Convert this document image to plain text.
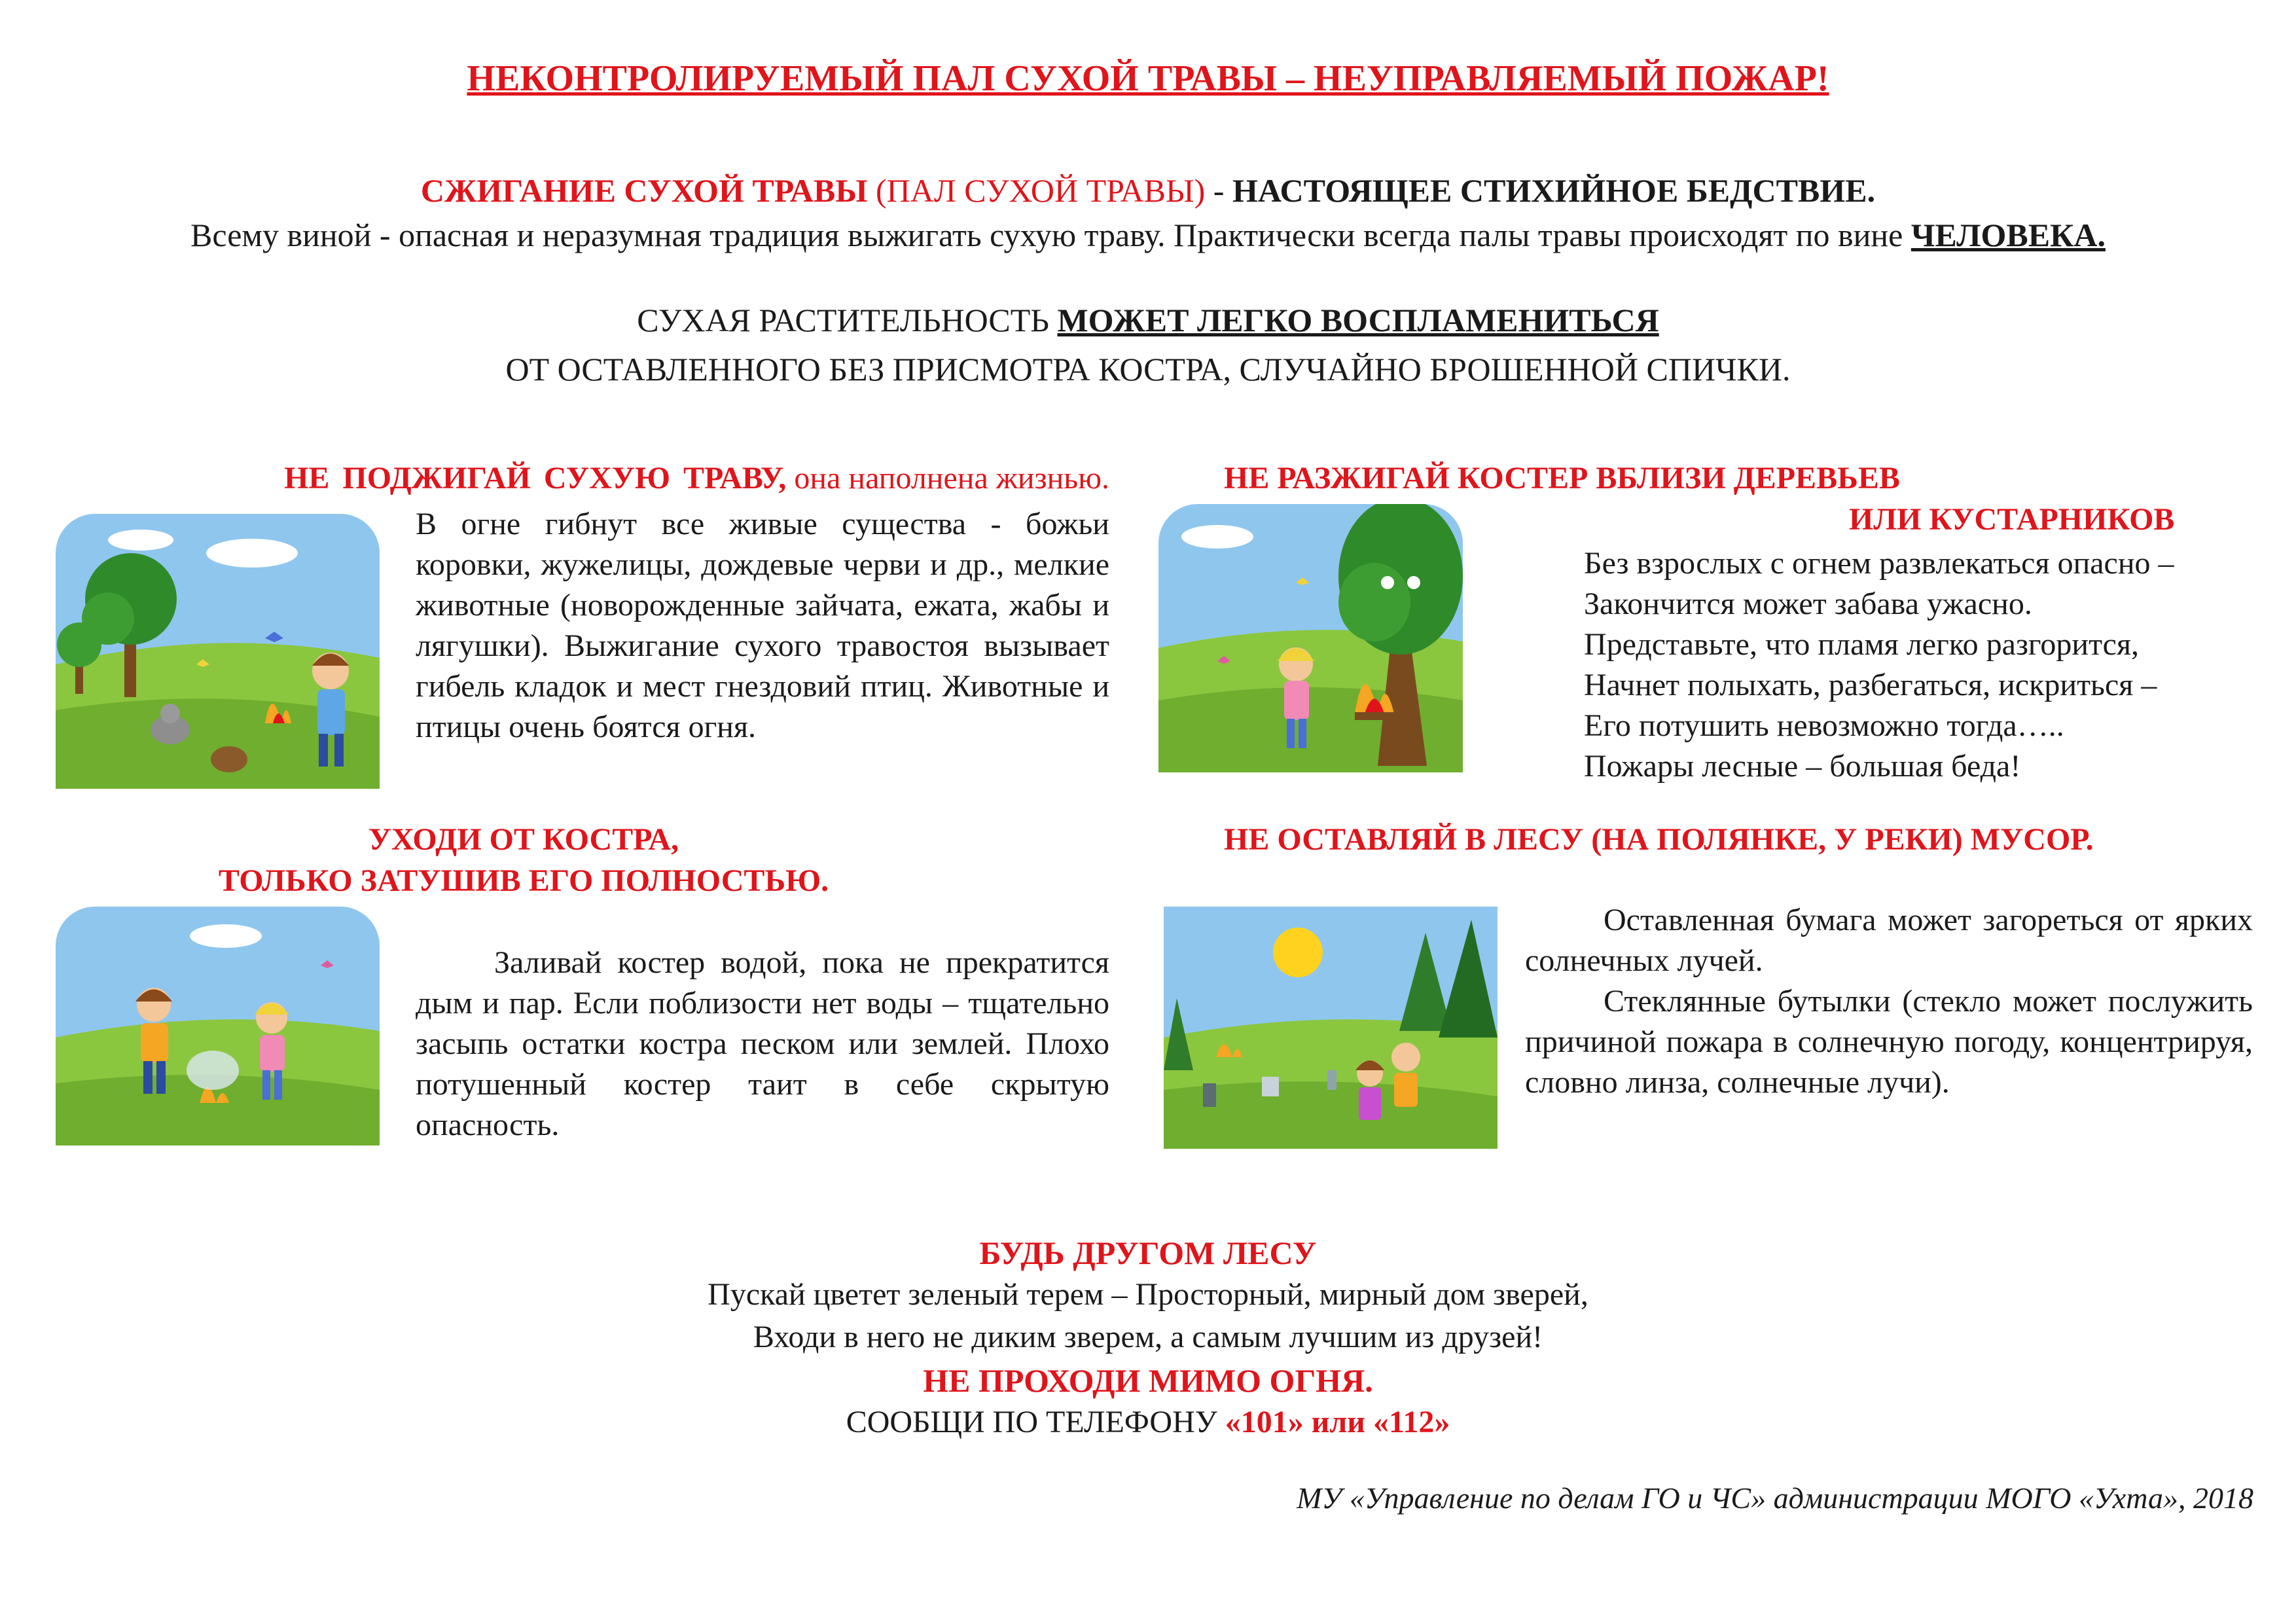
НЕКОНТРОЛИРУЕМЫЙ ПАЛ СУХОЙ ТРАВЫ – НЕУПРАВЛЯЕМЫЙ ПОЖАР!
СЖИГАНИЕ СУХОЙ ТРАВЫ (ПАЛ СУХОЙ ТРАВЫ) - НАСТОЯЩЕЕ СТИХИЙНОЕ БЕДСТВИЕ.
Всему виной - опасная и неразумная традиция выжигать сухую траву. Практически всегда палы травы происходят по вине ЧЕЛОВЕКА.
СУХАЯ РАСТИТЕЛЬНОСТЬ МОЖЕТ ЛЕГКО ВОСПЛАМЕНИТЬСЯ
ОТ ОСТАВЛЕННОГО БЕЗ ПРИСМОТРА КОСТРА, СЛУЧАЙНО БРОШЕННОЙ СПИЧКИ.
НЕ ПОДЖИГАЙ СУХУЮ ТРАВУ, она наполнена жизнью.
В огне гибнут все живые существа - божьи коровки, жужелицы, дождевые черви и др., мелкие животные (новорожденные зайчата, ежата, жабы и лягушки). Выжигание сухого травостоя вызывает гибель кладок и мест гнездовий птиц. Животные и птицы очень боятся огня.
НЕ РАЗЖИГАЙ КОСТЕР ВБЛИЗИ ДЕРЕВЬЕВ
ИЛИ КУСТАРНИКОВ
Без взрослых с огнем развлекаться опасно –
Закончится может забава ужасно.
Представьте, что пламя легко разгорится,
Начнет полыхать, разбегаться, искриться –
Его потушить невозможно тогда…..
Пожары лесные – большая беда!
УХОДИ ОТ КОСТРА,
ТОЛЬКО ЗАТУШИВ ЕГО ПОЛНОСТЬЮ.
Заливай костер водой, пока не прекратится дым и пар. Если поблизости нет воды – тщательно засыпь остатки костра песком или землей. Плохо потушенный костер таит в себе скрытую опасность.
НЕ ОСТАВЛЯЙ В ЛЕСУ (НА ПОЛЯНКЕ, У РЕКИ) МУСОР.
Оставленная бумага может загореться от ярких солнечных лучей.
Стеклянные бутылки (стекло может послужить причиной пожара в солнечную погоду, концентрируя, словно линза, солнечные лучи).
БУДЬ ДРУГОМ ЛЕСУ
Пускай цветет зеленый терем – Просторный, мирный дом зверей,
Входи в него не диким зверем, а самым лучшим из друзей!
НЕ ПРОХОДИ МИМО ОГНЯ.
СООБЩИ ПО ТЕЛЕФОНУ «101» или «112»
МУ «Управление по делам ГО и ЧС» администрации МОГО «Ухта», 2018
